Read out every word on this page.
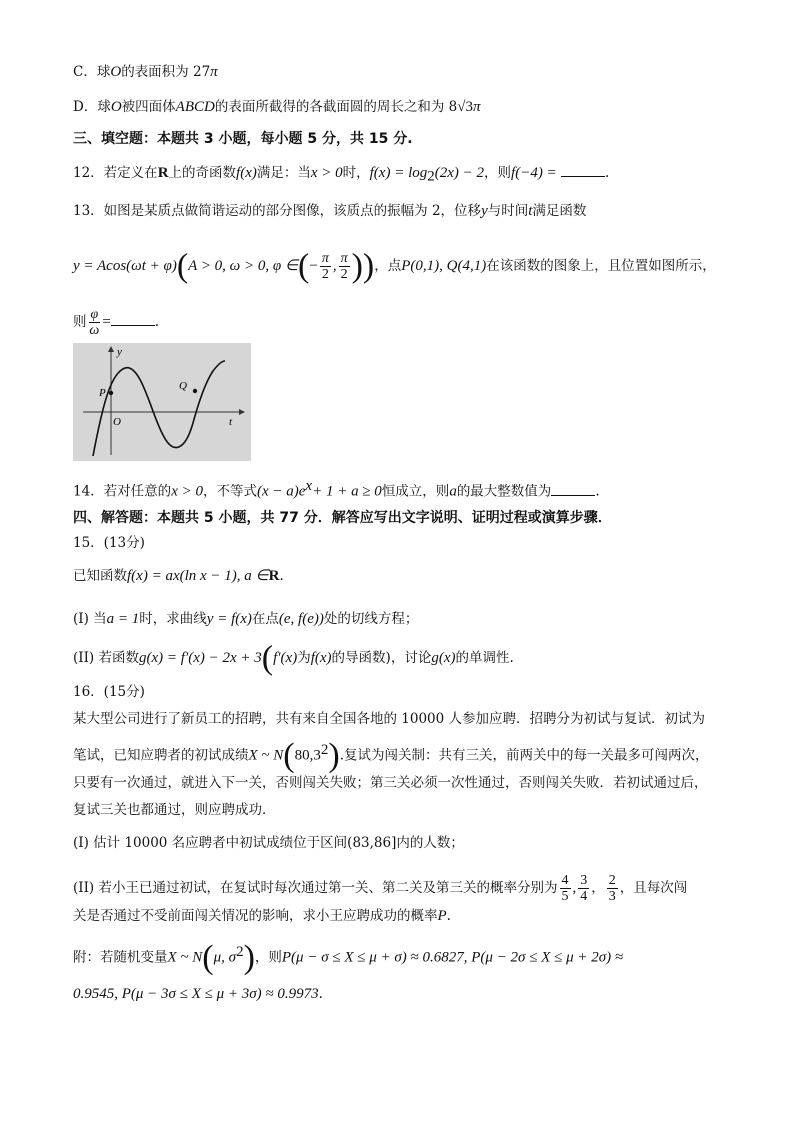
C．球O的表面积为 27π
D．球O被四面体ABCD的表面所截得的各截面圆的周长之和为 8√3π
三、填空题：本题共 3 小题，每小题 5 分，共 15 分.
12．若定义在R上的奇函数f(x)满足：当x > 0时，$f(x) = \log_2(2x) - 2$，则f(−4) =	.
13．如图是某质点做简谐运动的部分图像，该质点的振幅为 2，位移y与时间t满足函数
y = Acos(ωt + φ)(A > 0, ω > 0, φ ∈(− $\frac{\pi}{2}$ , $\frac{\pi}{2}$ ))，点P(0,1), Q(4,1)在该函数的图象上，且位置如图所示，
则 $\frac{\varphi}{\omega}$ =	.
y
t
P
Q
O
14．若对任意的x > 0，不等式$(x - a)e^x+ 1 + a \ge 0$恒成立，则a的最大整数值为	.
四、解答题：本题共 5 小题，共 77 分．解答应写出文字说明、证明过程或演算步骤．
15．(13分)
已知函数f(x) = ax(ln x − 1), a ∈R.
(I) 当a = 1时，求曲线y = f(x)在点(e, f(e))处的切线方程；
(II) 若函数g(x) = f′(x) − 2x + 3(f′(x)为f(x)的导函数)，讨论g(x)的单调性.
16．(15分)
某大型公司进行了新员工的招聘，共有来自全国各地的 10000 人参加应聘．招聘分为初试与复试．初试为
笔试，已知应聘者的初试成绩X ~ N(80,3$^2$).复试为闯关制：共有三关，前两关中的每一关最多可闯两次，
只要有一次通过，就进入下一关，否则闯关失败；第三关必须一次性通过，否则闯关失败．若初试通过后，
复试三关也都通过，则应聘成功．
(I) 估计 10000 名应聘者中初试成绩位于区间(83,86]内的人数；
(II) 若小王已通过初试，在复试时每次通过第一关、第二关及第三关的概率分别为 $\frac{4}{5}$ , $\frac{3}{4}$ ， $\frac{2}{3}$ ，且每次闯
关是否通过不受前面闯关情况的影响，求小王应聘成功的概率P.
附：若随机变量X ~ N(μ, $\sigma^2$)，则P(μ − σ ≤ X ≤ μ + σ) ≈ 0.6827, P(μ − 2σ ≤ X ≤ μ + 2σ) ≈
0.9545, P(μ − 3σ ≤ X ≤ μ + 3σ) ≈ 0.9973.
